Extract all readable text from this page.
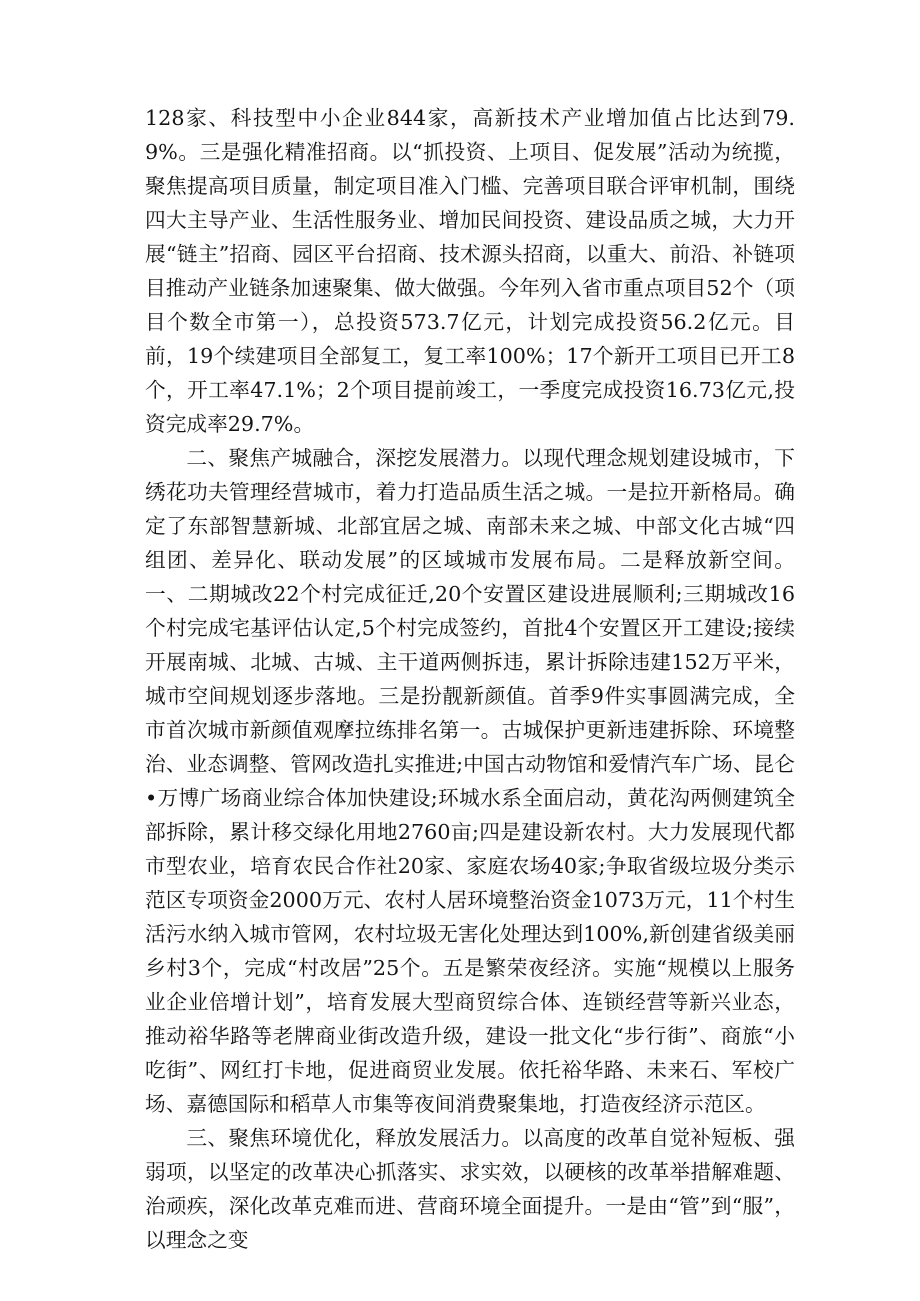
128家、科技型中小企业844家，高新技术产业增加值占比达到79.9%。三是强化精准招商。以“抓投资、上项目、促发展”活动为统揽，聚焦提高项目质量，制定项目准入门槛、完善项目联合评审机制，围绕四大主导产业、生活性服务业、增加民间投资、建设品质之城，大力开展“链主”招商、园区平台招商、技术源头招商，以重大、前沿、补链项目推动产业链条加速聚集、做大做强。今年列入省市重点项目52个（项目个数全市第一），总投资573.7亿元，计划完成投资56.2亿元。目前，19个续建项目全部复工，复工率100%；17个新开工项目已开工8个，开工率47.1%；2个项目提前竣工，一季度完成投资16.73亿元,投资完成率29.7%。

二、聚焦产城融合，深挖发展潜力。以现代理念规划建设城市，下绣花功夫管理经营城市，着力打造品质生活之城。一是拉开新格局。确定了东部智慧新城、北部宜居之城、南部未来之城、中部文化古城“四组团、差异化、联动发展”的区域城市发展布局。二是释放新空间。一、二期城改22个村完成征迁,20个安置区建设进展顺利;三期城改16个村完成宅基评估认定,5个村完成签约，首批4个安置区开工建设;接续开展南城、北城、古城、主干道两侧拆违，累计拆除违建152万平米，城市空间规划逐步落地。三是扮靓新颜值。首季9件实事圆满完成，全市首次城市新颜值观摩拉练排名第一。古城保护更新违建拆除、环境整治、业态调整、管网改造扎实推进;中国古动物馆和爱情汽车广场、昆仑•万博广场商业综合体加快建设;环城水系全面启动，黄花沟两侧建筑全部拆除，累计移交绿化用地2760亩;四是建设新农村。大力发展现代都市型农业，培育农民合作社20家、家庭农场40家;争取省级垃圾分类示范区专项资金2000万元、农村人居环境整治资金1073万元，11个村生活污水纳入城市管网，农村垃圾无害化处理达到100%,新创建省级美丽乡村3个，完成“村改居”25个。五是繁荣夜经济。实施“规模以上服务业企业倍增计划”，培育发展大型商贸综合体、连锁经营等新兴业态，推动裕华路等老牌商业街改造升级，建设一批文化“步行街”、商旅“小吃街”、网红打卡地，促进商贸业发展。依托裕华路、未来石、军校广场、嘉德国际和稻草人市集等夜间消费聚集地，打造夜经济示范区。

三、聚焦环境优化，释放发展活力。以高度的改革自觉补短板、强弱项，以坚定的改革决心抓落实、求实效，以硬核的改革举措解难题、治顽疾，深化改革克难而进、营商环境全面提升。一是由“管”到“服”，以理念之变
